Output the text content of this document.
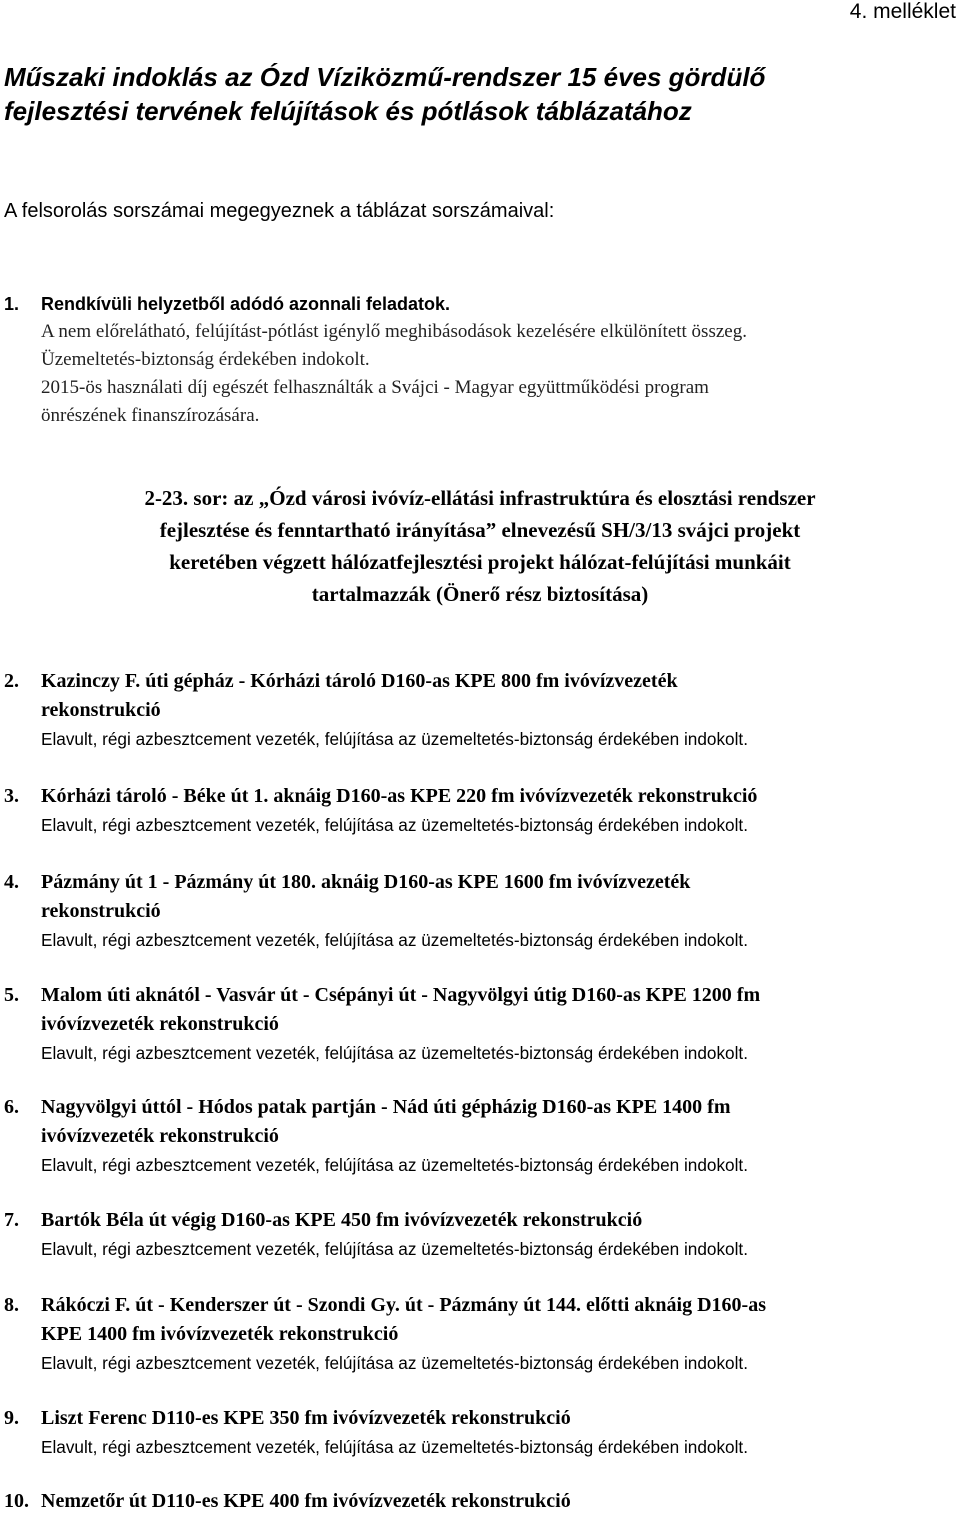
4. melléklet

Műszaki indoklás az Ózd Víziközmű-rendszer 15 éves gördülő
fejlesztési tervének felújítások és pótlások táblázatához

A felsorolás sorszámai megegyeznek a táblázat sorszámaival:

1. Rendkívüli helyzetből adódó azonnali feladatok.

A nem előrelátható, felújítást-pótlást igénylő meghibásodások kezelésére elkülönített összeg.

Üzemeltetés-biztonság érdekében indokolt.

2015-ös használati díj egészét felhasználták a Svájci - Magyar együttműködési program

önrészének finanszírozására.

2-23. sor: az „Ózd városi ivóvíz-ellátási infrastruktúra és elosztási rendszer
fejlesztése és fenntartható irányítása” elnevezésű SH/3/13 svájci projekt
keretében végzett hálózatfejlesztési projekt hálózat-felújítási munkáit
tartalmazzák (Önerő rész biztosítása)

2. Kazinczy F. úti gépház - Kórházi tároló D160-as KPE 800 fm ivóvízvezeték
rekonstrukció

Elavult, régi azbesztcement vezeték, felújítása az üzemeltetés-biztonság érdekében indokolt.

3. Kórházi tároló - Béke út 1. aknáig D160-as KPE 220 fm ivóvízvezeték rekonstrukció

Elavult, régi azbesztcement vezeték, felújítása az üzemeltetés-biztonság érdekében indokolt.

4. Pázmány út 1 - Pázmány út 180. aknáig D160-as KPE 1600 fm ivóvízvezeték
rekonstrukció

Elavult, régi azbesztcement vezeték, felújítása az üzemeltetés-biztonság érdekében indokolt.

5. Malom úti aknától - Vasvár út - Csépányi út - Nagyvölgyi útig D160-as KPE 1200 fm
ivóvízvezeték rekonstrukció

Elavult, régi azbesztcement vezeték, felújítása az üzemeltetés-biztonság érdekében indokolt.

6. Nagyvölgyi úttól - Hódos patak partján - Nád úti gépházig D160-as KPE 1400 fm
ivóvízvezeték rekonstrukció

Elavult, régi azbesztcement vezeték, felújítása az üzemeltetés-biztonság érdekében indokolt.

7. Bartók Béla út végig D160-as KPE 450 fm ivóvízvezeték rekonstrukció

Elavult, régi azbesztcement vezeték, felújítása az üzemeltetés-biztonság érdekében indokolt.

8. Rákóczi F. út - Kenderszer út - Szondi Gy. út - Pázmány út 144. előtti aknáig D160-as
KPE 1400 fm ivóvízvezeték rekonstrukció

Elavult, régi azbesztcement vezeték, felújítása az üzemeltetés-biztonság érdekében indokolt.

9. Liszt Ferenc D110-es KPE 350 fm ivóvízvezeték rekonstrukció

Elavult, régi azbesztcement vezeték, felújítása az üzemeltetés-biztonság érdekében indokolt.

10. Nemzetőr út D110-es KPE 400 fm ivóvízvezeték rekonstrukció
